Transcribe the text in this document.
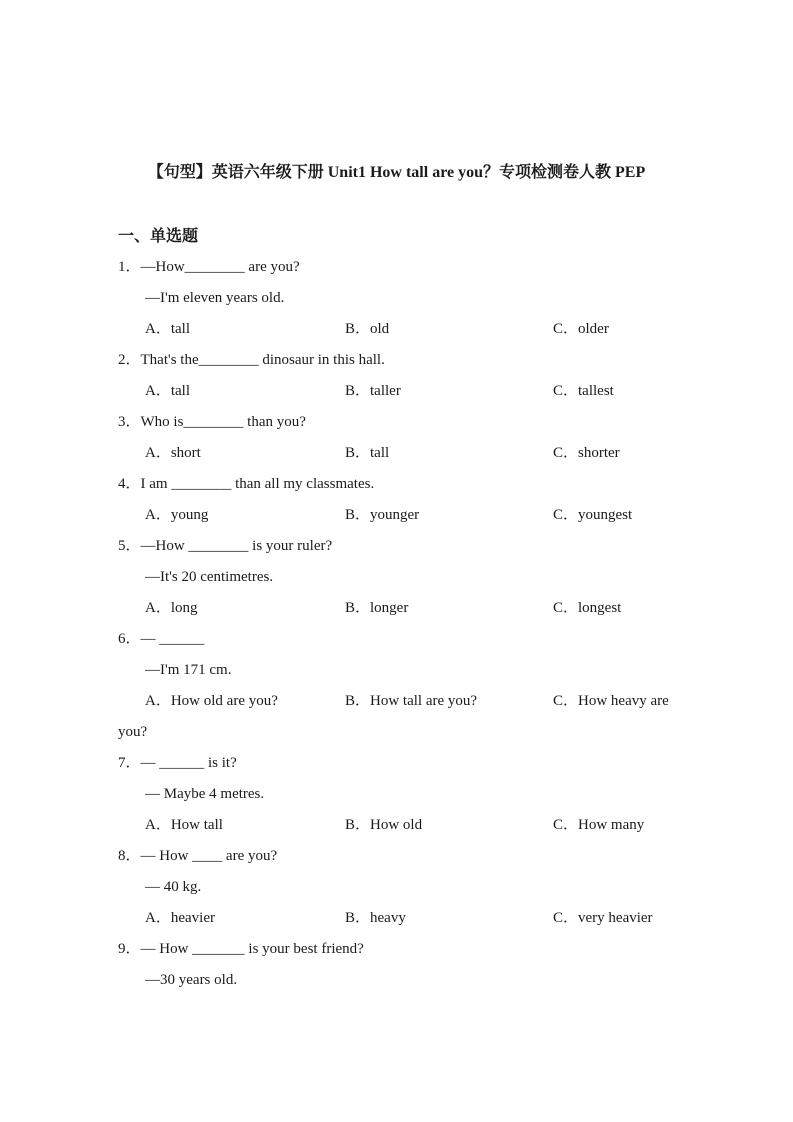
【句型】英语六年级下册 Unit1 How tall are you？专项检测卷人教 PEP
一、单选题

1．—How________ are you?

—I'm eleven years old.

A．tall	B．old	C．older

2．That's the________ dinosaur in this hall.

A．tall	B．taller	C．tallest

3．Who is________ than you?

A．short	B．tall	C．shorter

4．I am ________ than all my classmates.

A．young	B．younger	C．youngest

5．—How ________ is your ruler?

—It's 20 centimetres.

A．long	B．longer	C．longest

6．— ______

—I'm 171 cm.

A．How old are you?	B．How tall are you?	C．How heavy are

you?

7．— ______ is it?

— Maybe 4 metres.

A．How tall	B．How old	C．How many

8．— How ____ are you?

— 40 kg.

A．heavier	B．heavy	C．very heavier

9．— How _______ is your best friend?

—30 years old.
